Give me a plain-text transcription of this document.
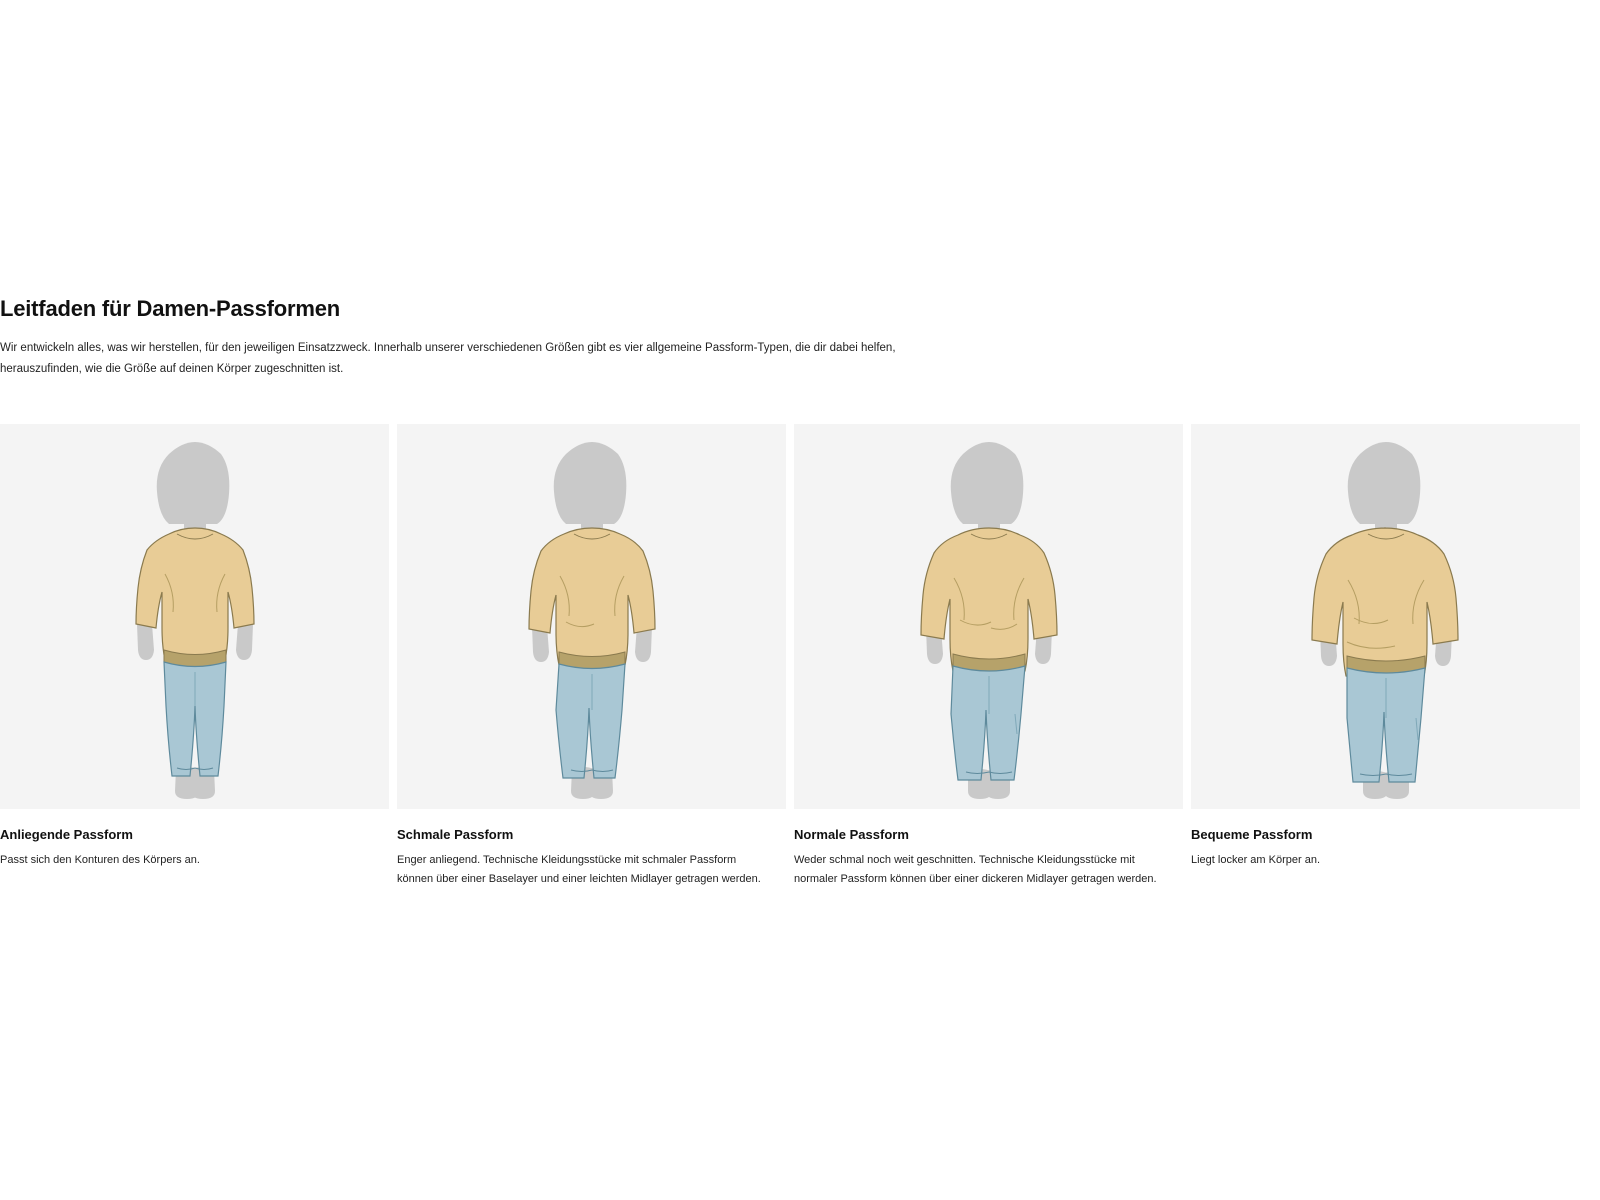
Leitfaden für Damen-Passformen

Wir entwickeln alles, was wir herstellen, für den jeweiligen Einsatzzweck. Innerhalb unserer verschiedenen Größen gibt es vier allgemeine Passform-Typen, die dir dabei helfen, herauszufinden, wie die Größe auf deinen Körper zugeschnitten ist.

Anliegende Passform

Passt sich den Konturen des Körpers an.

Schmale Passform

Enger anliegend. Technische Kleidungsstücke mit schmaler Passform können über einer Baselayer und einer leichten Midlayer getragen werden.

Normale Passform

Weder schmal noch weit geschnitten. Technische Kleidungsstücke mit normaler Passform können über einer dickeren Midlayer getragen werden.

Bequeme Passform

Liegt locker am Körper an.
